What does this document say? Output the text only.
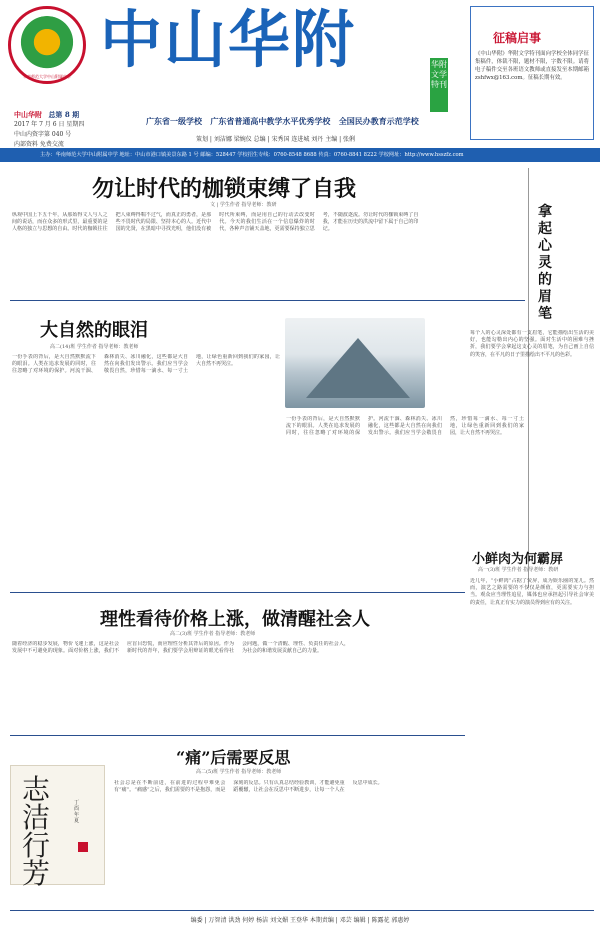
华南师范大学中山附属中学
中山华附	华附文学特刊
中山华附 总第 8 期
2017 年 7 月 6 日 星期四
中山内资字第 040 号
内部资料 免费交流
广东省一级学校 广东省普通高中教学水平优秀学校 全国民办教育示范学校
策划 | 刘洁娜 梁婉仪 总编 | 宋秀国 连进城 刘丹 主编 | 张俐
主办：华南师范大学中山附属中学 地址：中山市港口镇美景东路 1 号 邮编：528447 学校招生专线：0760-8548 8688 传真：0760-8841 8222 学校网址：http://www.hsszfz.com
征稿启事
《中山华附》华附文学特刊面向学校全体同学征集稿件，体裁不限，题材不限，字数不限。请将电子稿件交至各班语文教师或直接发至本期邮箱zshfwx@163.com。征稿长期有效。
勿让时代的枷锁束缚了自我
文 | 学生作者 指导老师：教研
纵观中国上下五千年，从那始得文人与人之间的说话，而在众多的形式里，最重要的是人格的独立与思想的自由。时代的枷锁往往把人束缚得喘不过气，而真正的勇者，是那些不畏时代的局限、坚持本心的人。近代中国的先贤，在黑暗中寻找光明，他们没有被时代所束缚，而是用自己的行动去改变时代。今天的我们生活在一个信息爆炸的时代，各种声音铺天盖地，更需要保持独立思考，不随波逐流。勿让时代的枷锁束缚了自我，才能在历史的洪流中留下属于自己的印记。
大自然的眼泪
高二(14)班 学生作者 指导老师：教老师
一份手表的背后，是大自然默默流下的眼泪。人类在追求发展的同时，往往忽略了对环境的保护。河流干涸、森林消失、冰川融化，这些都是大自然在向我们发出警示。我们应当学会敬畏自然，珍惜每一滴水、每一寸土地，让绿色重新回到我们的家园，让大自然不再哭泣。
一份手表的背后，是大自然默默流下的眼泪。人类在追求发展的同时，往往忽略了对环境的保护。河流干涸、森林消失、冰川融化，这些都是大自然在向我们发出警示。我们应当学会敬畏自然，珍惜每一滴水、每一寸土地，让绿色重新回到我们的家园，让大自然不再哭泣。
拿起心灵的眉笔
每个人的心灵深处都有一支眉笔，它能描绘出生活的美好，也能勾勒出内心的坚强。面对生活中的困难与挫折，我们要学会拿起这支心灵的眉笔，为自己画上自信的笑容，在平凡的日子里描绘出不平凡的色彩。
小鲜肉为何霸屏
高一(3)班 学生作者 指导老师：教研
近几年，“小鲜肉”占据了荧屏，成为娱乐圈的宠儿。然而，演艺之路需要的不仅仅是颜值，更需要实力与担当。观众应当理性追星，媒体也应承担起引导社会审美的责任，让真正有实力的演员得到应有的关注。
理性看待价格上涨，做清醒社会人
高二(3)班 学生作者 指导老师：教老师
随着经济的稳步发展，物价飞速上涨，这是社会发展中不可避免的现象。面对价格上涨，我们不应盲目恐慌，而应理性分析其背后的原因。作为新时代的青年，我们要学会用辩证的眼光看待社会问题，做一个清醒、理性、负责任的社会人，为社会的和谐发展贡献自己的力量。
“痛”后需要反思
高二(5)班 学生作者 指导老师：教老师
社会总是在不断前进，在前进的过程中难免会有“痛”。“痛感”之后，我们需要的不是抱怨，而是深刻的反思。只有认真总结经验教训，才能避免重蹈覆辙，让社会在反思中不断进步，让每一个人在反思中成长。
志
洁
行
芳
丁酉年夏
编委 | 万智清 洪劲 何婷 杨洁 刘文媚 王登华 本期责编 | 邓芸 编辑 | 陈露花 郭惠婷
